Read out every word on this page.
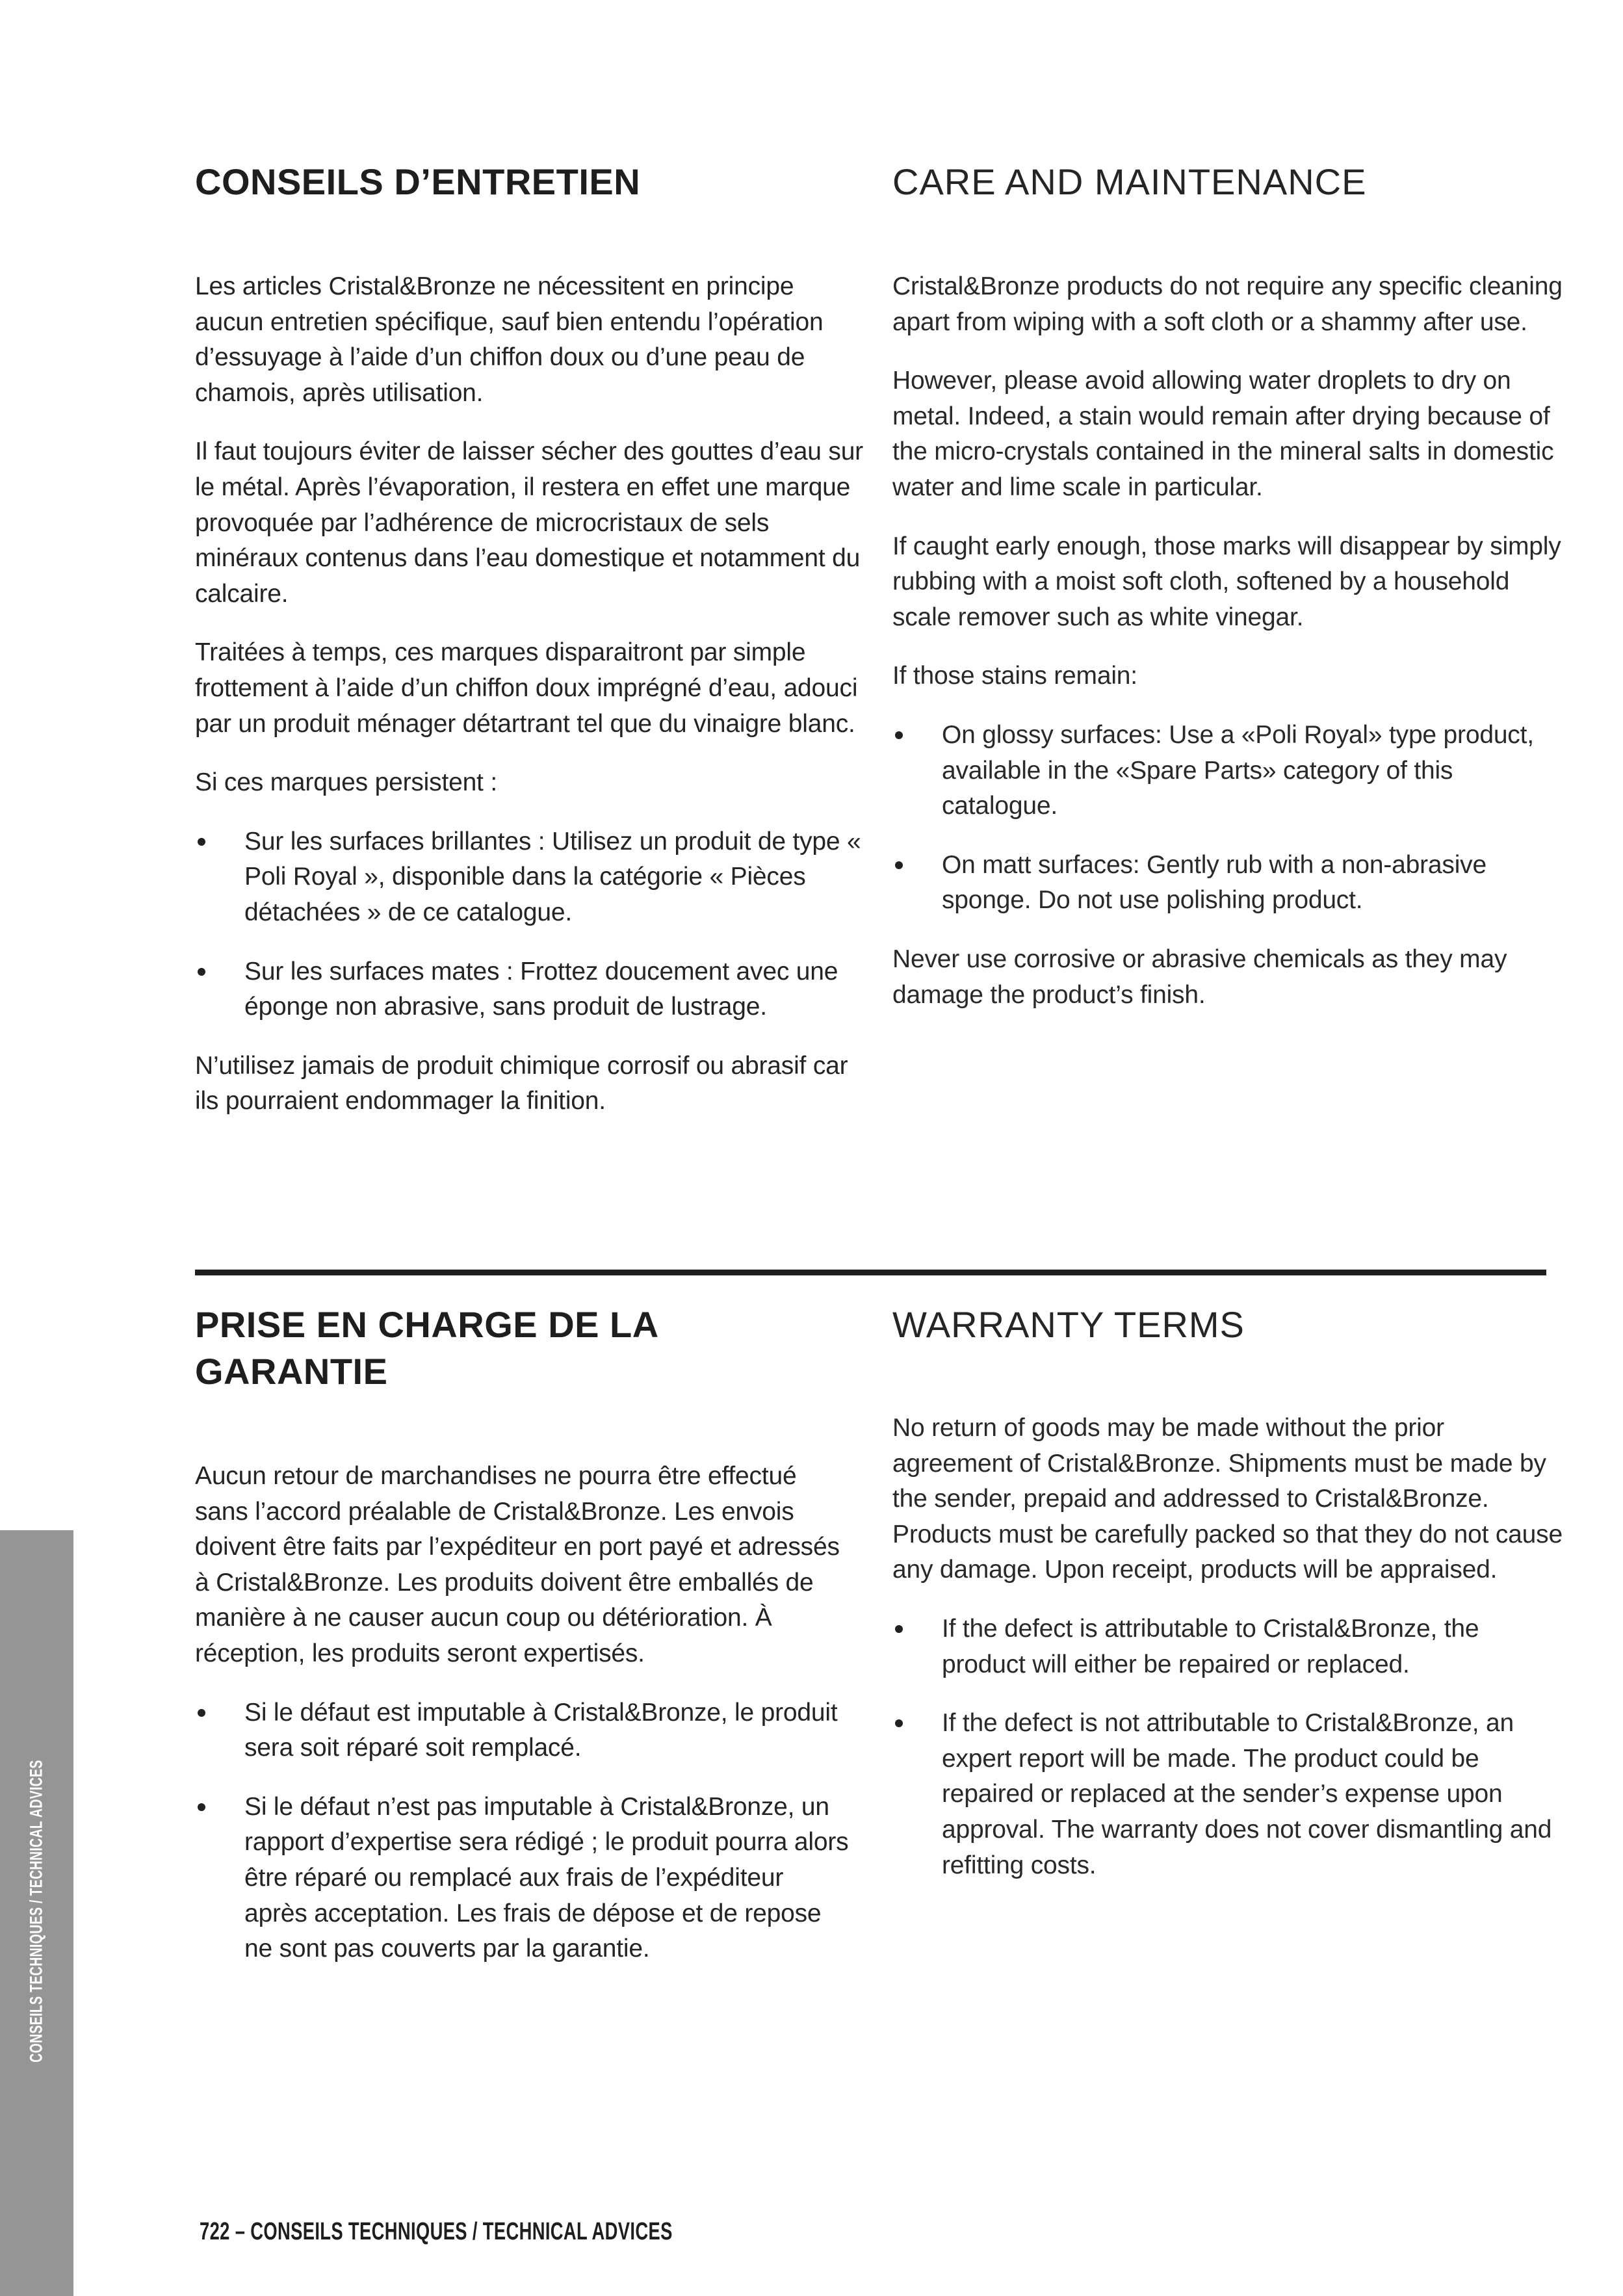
CONSEILS D’ENTRETIEN

Les articles Cristal&Bronze ne nécessitent en principe aucun entretien spécifique, sauf bien entendu l’opération d’essuyage à l’aide d’un chiffon doux ou d’une peau de chamois, après utilisation.

Il faut toujours éviter de laisser sécher des gouttes d’eau sur le métal. Après l’évaporation, il restera en effet une marque provoquée par l’adhérence de microcristaux de sels minéraux contenus dans l’eau domestique et notamment du calcaire.

Traitées à temps, ces marques disparaitront par simple frottement à l’aide d’un chiffon doux imprégné d’eau, adouci par un produit ménager détartrant tel que du vinaigre blanc.

Si ces marques persistent :

Sur les surfaces brillantes : Utilisez un produit de type « Poli Royal », disponible dans la catégorie « Pièces détachées » de ce catalogue.
Sur les surfaces mates : Frottez doucement avec une éponge non abrasive, sans produit de lustrage.

N’utilisez jamais de produit chimique corrosif ou abrasif car ils pourraient endommager la finition.

CARE AND MAINTENANCE

Cristal&Bronze products do not require any specific cleaning apart from wiping with a soft cloth or a shammy after use.

However, please avoid allowing water droplets to dry on metal. Indeed, a stain would remain after drying because of the micro-crystals contained in the mineral salts in domestic water and lime scale in particular.

If caught early enough, those marks will disappear by simply rubbing with a moist soft cloth, softened by a household scale remover such as white vinegar.

If those stains remain:

On glossy surfaces: Use a «Poli Royal» type product, available in the «Spare Parts» category of this catalogue.
On matt surfaces: Gently rub with a non-abrasive sponge. Do not use polishing product.

Never use corrosive or abrasive chemicals as they may damage the product’s finish.

PRISE EN CHARGE DE LA GARANTIE

Aucun retour de marchandises ne pourra être effectué sans l’accord préalable de Cristal&Bronze. Les envois doivent être faits par l’expéditeur en port payé et adressés à Cristal&Bronze. Les produits doivent être emballés de manière à ne causer aucun coup ou détérioration. À réception, les produits seront expertisés.

Si le défaut est imputable à Cristal&Bronze, le produit sera soit réparé soit remplacé.
Si le défaut n’est pas imputable à Cristal&Bronze, un rapport d’expertise sera rédigé ; le produit pourra alors être réparé ou remplacé aux frais de l’expéditeur après acceptation. Les frais de dépose et de repose ne sont pas couverts par la garantie.
WARRANTY TERMS

No return of goods may be made without the prior agreement of Cristal&Bronze. Shipments must be made by the sender, prepaid and addressed to Cristal&Bronze. Products must be carefully packed so that they do not cause any damage. Upon receipt, products will be appraised.

If the defect is attributable to Cristal&Bronze, the product will either be repaired or replaced.
If the defect is not attributable to Cristal&Bronze, an expert report will be made. The product could be repaired or replaced at the sender’s expense upon approval. The warranty does not cover dismantling and refitting costs.
CONSEILS TECHNIQUES / TECHNICAL ADVICES
722 – CONSEILS TECHNIQUES / TECHNICAL ADVICES
